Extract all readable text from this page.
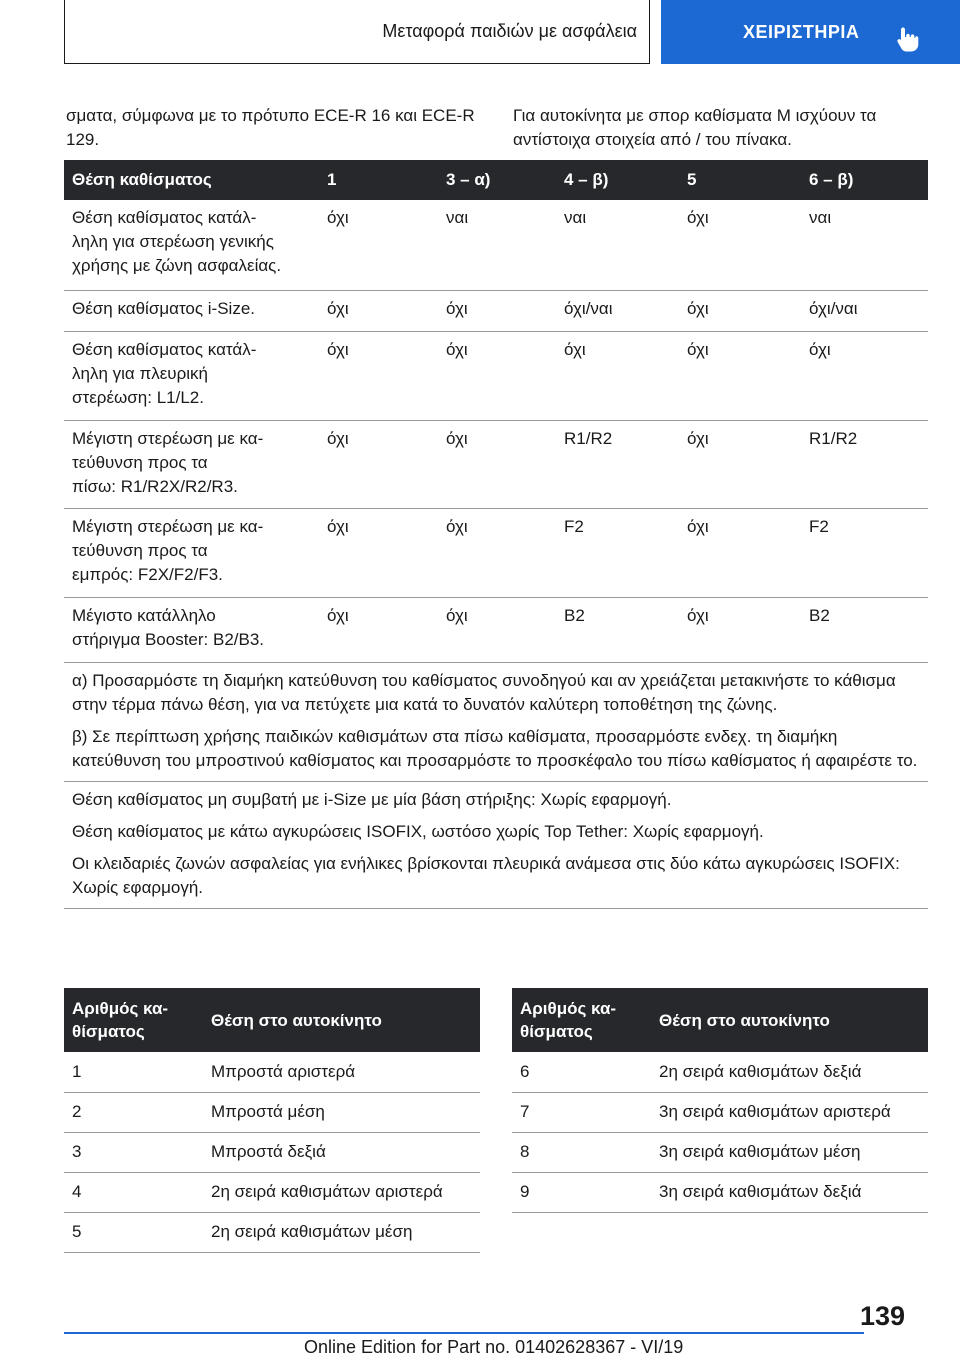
Μεταφορά παιδιών με ασφάλεια	ΧΕΙΡΙΣΤΗΡΙΑ
σματα, σύμφωνα με το πρότυπο ECE-R 16 και ECE-R 129.
Για αυτοκίνητα με σπορ καθίσματα M ισχύουν τα αντίστοιχα στοιχεία από / του πίνακα.
Θέση καθίσματος	1	3 – α)	4 – β)	5	6 – β)
Θέση καθίσματος κατάλ-
ληλη για στερέωση γενικής
χρήσης με ζώνη ασφαλείας.	όχι	ναι	ναι	όχι	ναι
Θέση καθίσματος i-Size.	όχι	όχι	όχι/ναι	όχι	όχι/ναι
Θέση καθίσματος κατάλ-
ληλη για πλευρική
στερέωση: L1/L2.	όχι	όχι	όχι	όχι	όχι
Μέγιστη στερέωση με κα-
τεύθυνση προς τα
πίσω: R1/R2X/R2/R3.	όχι	όχι	R1/R2	όχι	R1/R2
Μέγιστη στερέωση με κα-
τεύθυνση προς τα
εμπρός: F2X/F2/F3.	όχι	όχι	F2	όχι	F2
Μέγιστο κατάλληλο
στήριγμα Booster: B2/B3.	όχι	όχι	B2	όχι	B2

α) Προσαρμόστε τη διαμήκη κατεύθυνση του καθίσματος συνοδηγού και αν χρειάζεται μετακινήστε το κάθισμα στην τέρμα πάνω θέση, για να πετύχετε μια κατά το δυνατόν καλύτερη τοποθέτηση της ζώνης.

β) Σε περίπτωση χρήσης παιδικών καθισμάτων στα πίσω καθίσματα, προσαρμόστε ενδεχ. τη διαμήκη κατεύθυνση του μπροστινού καθίσματος και προσαρμόστε το προσκέφαλο του πίσω καθίσματος ή αφαιρέστε το.

Θέση καθίσματος μη συμβατή με i-Size με μία βάση στήριξης: Χωρίς εφαρμογή.

Θέση καθίσματος με κάτω αγκυρώσεις ISOFIX, ωστόσο χωρίς Top Tether: Χωρίς εφαρμογή.

Οι κλειδαριές ζωνών ασφαλείας για ενήλικες βρίσκονται πλευρικά ανάμεσα στις δύο κάτω αγκυρώσεις ISOFIX: Χωρίς εφαρμογή.

Αριθμός κα-
θίσματος	Θέση στο αυτοκίνητο
1	Μπροστά αριστερά
2	Μπροστά μέση
3	Μπροστά δεξιά
4	2η σειρά καθισμάτων αριστερά
5	2η σειρά καθισμάτων μέση
Αριθμός κα-
θίσματος	Θέση στο αυτοκίνητο
6	2η σειρά καθισμάτων δεξιά
7	3η σειρά καθισμάτων αριστερά
8	3η σειρά καθισμάτων μέση
9	3η σειρά καθισμάτων δεξιά
139
Online Edition for Part no. 01402628367 - VI/19
